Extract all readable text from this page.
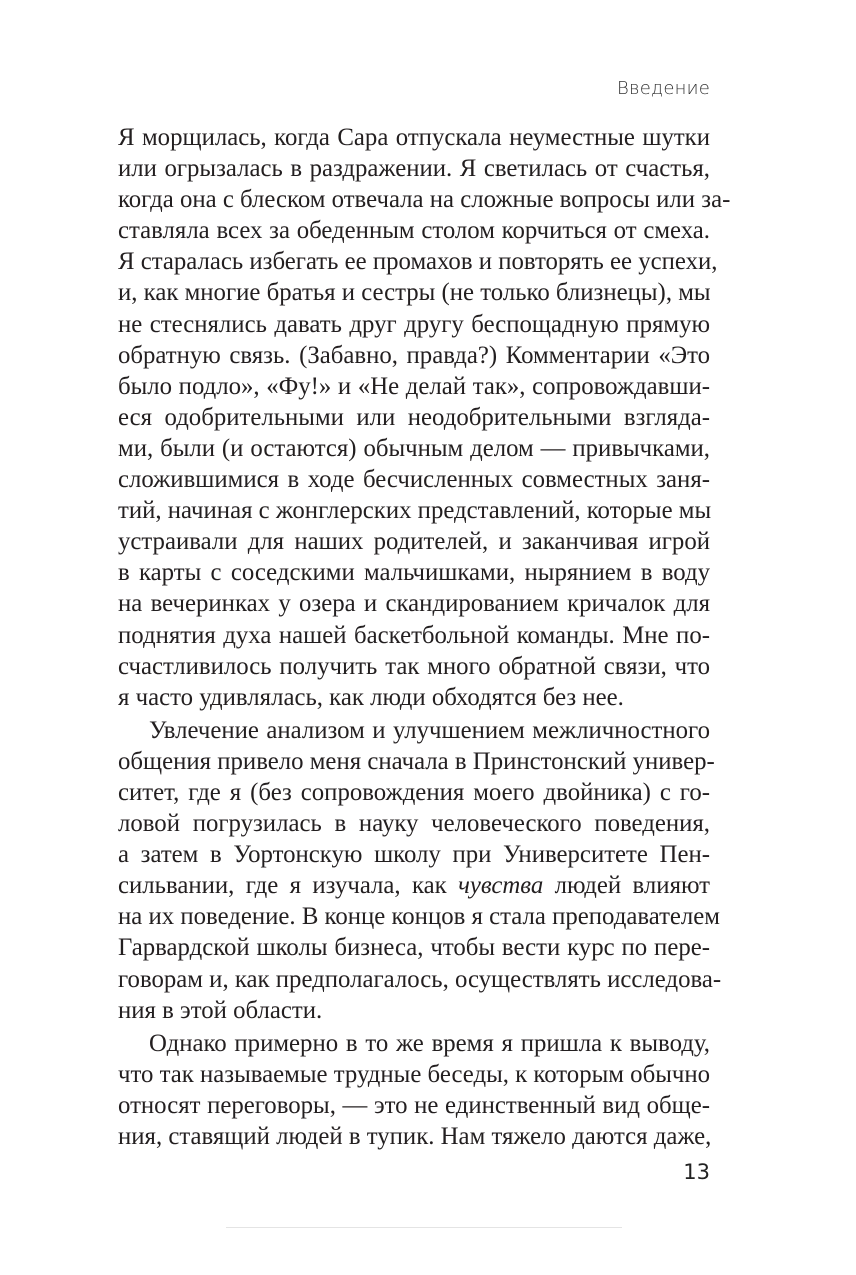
Введение
Я морщилась, когда Сара отпускала неуместные шутки
или огрызалась в раздражении. Я светилась от счастья,
когда она с блеском отвечала на сложные вопросы или за-
ставляла всех за обеденным столом корчиться от смеха.
Я старалась избегать ее промахов и повторять ее успехи,
и, как многие братья и сестры (не только близнецы), мы
не стеснялись давать друг другу беспощадную прямую
обратную связь. (Забавно, правда?) Комментарии «Это
было подло», «Фу!» и «Не делай так», сопровождавши-
еся одобрительными или неодобрительными взгляда-
ми, были (и остаются) обычным делом — привычками,
сложившимися в ходе бесчисленных совместных заня-
тий, начиная с жонглерских представлений, которые мы
устраивали для наших родителей, и заканчивая игрой
в карты с соседскими мальчишками, нырянием в воду
на вечеринках у озера и скандированием кричалок для
поднятия духа нашей баскетбольной команды. Мне по-
счастливилось получить так много обратной связи, что
я часто удивлялась, как люди обходятся без нее.
Увлечение анализом и улучшением межличностного
общения привело меня сначала в Принстонский универ-
ситет, где я (без сопровождения моего двойника) с го-
ловой погрузилась в науку человеческого поведения,
а затем в Уортонскую школу при Университете Пен-
сильвании, где я изучала, как чувства людей влияют
на их поведение. В конце концов я стала преподавателем
Гарвардской школы бизнеса, чтобы вести курс по пере-
говорам и, как предполагалось, осуществлять исследова-
ния в этой области.
Однако примерно в то же время я пришла к выводу,
что так называемые трудные беседы, к которым обычно
относят переговоры, — это не единственный вид обще-
ния, ставящий людей в тупик. Нам тяжело даются даже,
13
